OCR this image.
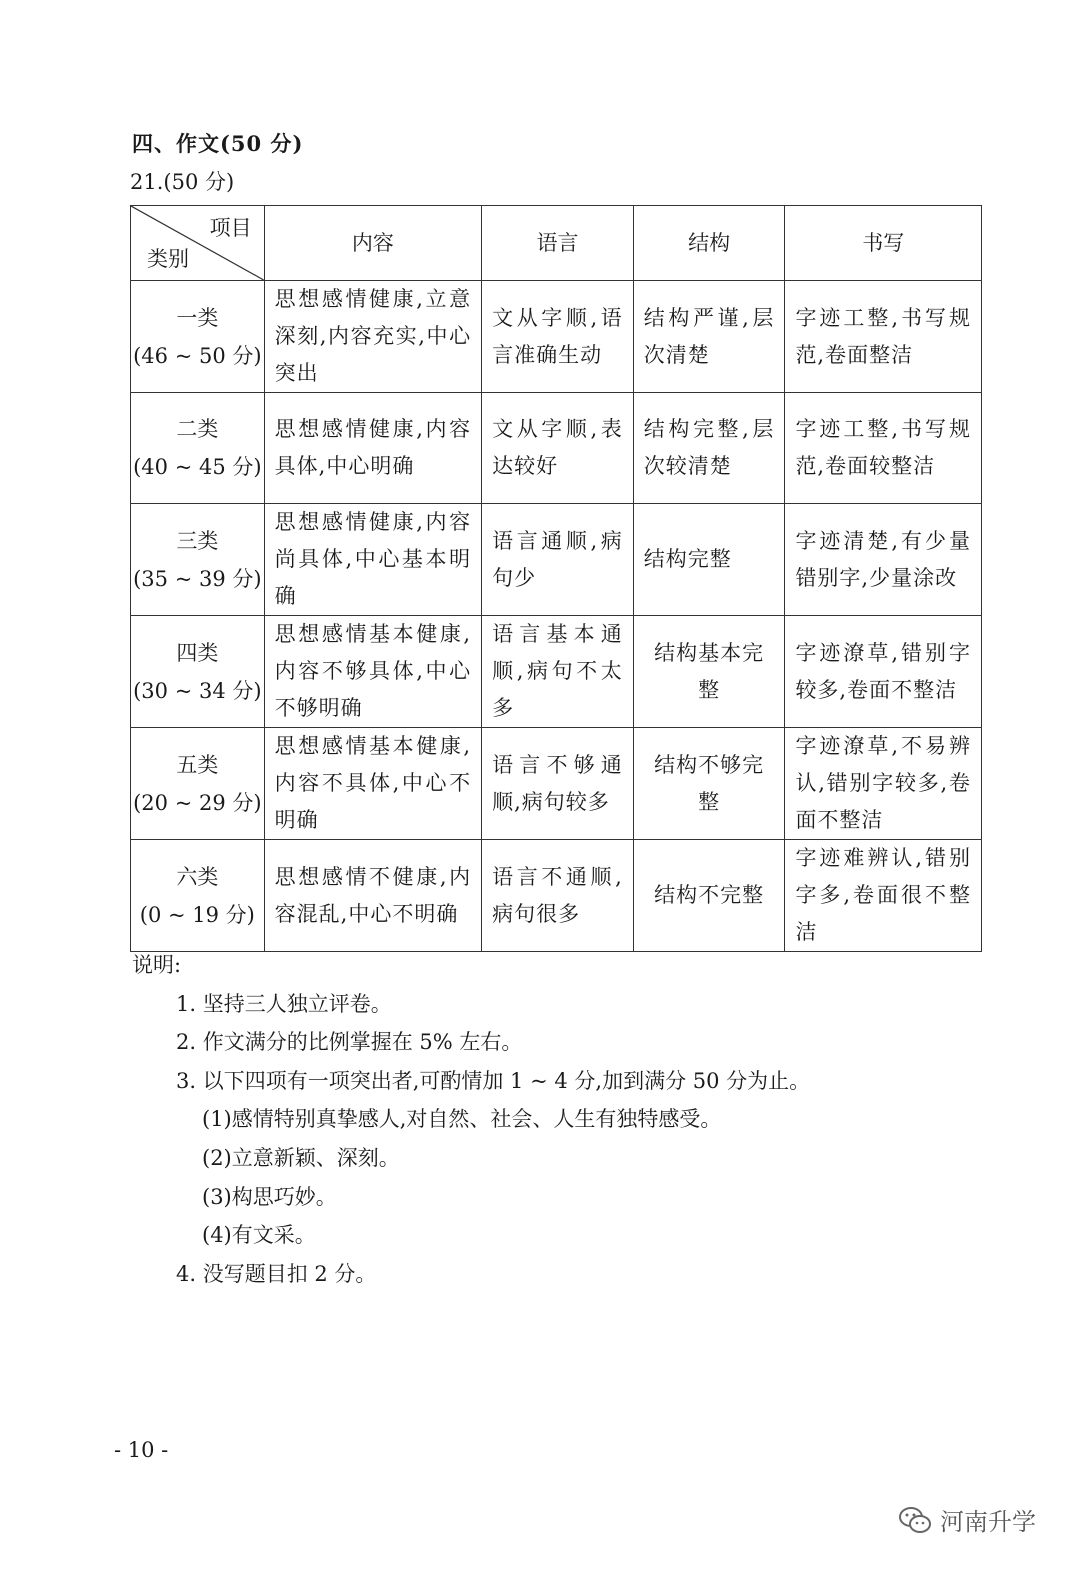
四、作文(50 分)
21.(50 分)
项目
类别	内容	语言	结构	书写

一类
(46 ~ 50 分)	思想感情健康,立意深刻,内容充实,中心突出	文从字顺,语言准确生动	结构严谨,层次清楚	字迹工整,书写规范,卷面整洁

二类
(40 ~ 45 分)	思想感情健康,内容具体,中心明确	文从字顺,表达较好	结构完整,层次较清楚	字迹工整,书写规范,卷面较整洁

三类
(35 ~ 39 分)	思想感情健康,内容尚具体,中心基本明确	语言通顺,病句少	结构完整	字迹清楚,有少量错别字,少量涂改

四类
(30 ~ 34 分)	思想感情基本健康,内容不够具体,中心不够明确	语言基本通顺,病句不太多	结构基本完整	字迹潦草,错别字较多,卷面不整洁

五类
(20 ~ 29 分)	思想感情基本健康,内容不具体,中心不明确	语言不够通顺,病句较多	结构不够完整	字迹潦草,不易辨认,错别字较多,卷面不整洁

六类
(0 ~ 19 分)	思想感情不健康,内容混乱,中心不明确	语言不通顺,病句很多	结构不完整	字迹难辨认,错别字多,卷面很不整洁
说明:
1. 坚持三人独立评卷。
2. 作文满分的比例掌握在 5% 左右。
3. 以下四项有一项突出者,可酌情加 1 ~ 4 分,加到满分 50 分为止。
(1)感情特别真挚感人,对自然、社会、人生有独特感受。
(2)立意新颖、深刻。
(3)构思巧妙。
(4)有文采。
4. 没写题目扣 2 分。
- 10 -
河南升学
